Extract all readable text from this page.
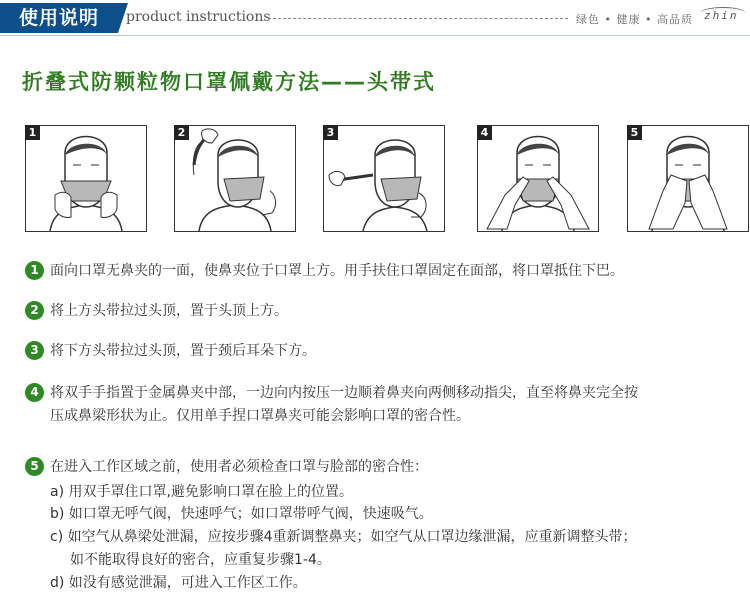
使用说明	product instructions	绿色 • 健康 • 高品质 zhin
折叠式防颗粒物口罩佩戴方法——头带式
1	2	3	4	5
1 面向口罩无鼻夹的一面，使鼻夹位于口罩上方。用手扶住口罩固定在面部，将口罩抵住下巴。
2 将上方头带拉过头顶，置于头顶上方。
3 将下方头带拉过头顶，置于颈后耳朵下方。
4 将双手手指置于金属鼻夹中部，一边向内按压一边顺着鼻夹向两侧移动指尖，直至将鼻夹完全按
压成鼻梁形状为止。仅用单手捏口罩鼻夹可能会影响口罩的密合性。
5 在进入工作区域之前，使用者必须检查口罩与脸部的密合性：
a) 用双手罩住口罩,避免影响口罩在脸上的位置。
b) 如口罩无呼气阀，快速呼气；如口罩带呼气阀，快速吸气。
c) 如空气从鼻梁处泄漏，应按步骤4重新调整鼻夹；如空气从口罩边缘泄漏，应重新调整头带；
如不能取得良好的密合，应重复步骤1-4。
d) 如没有感觉泄漏，可进入工作区工作。
